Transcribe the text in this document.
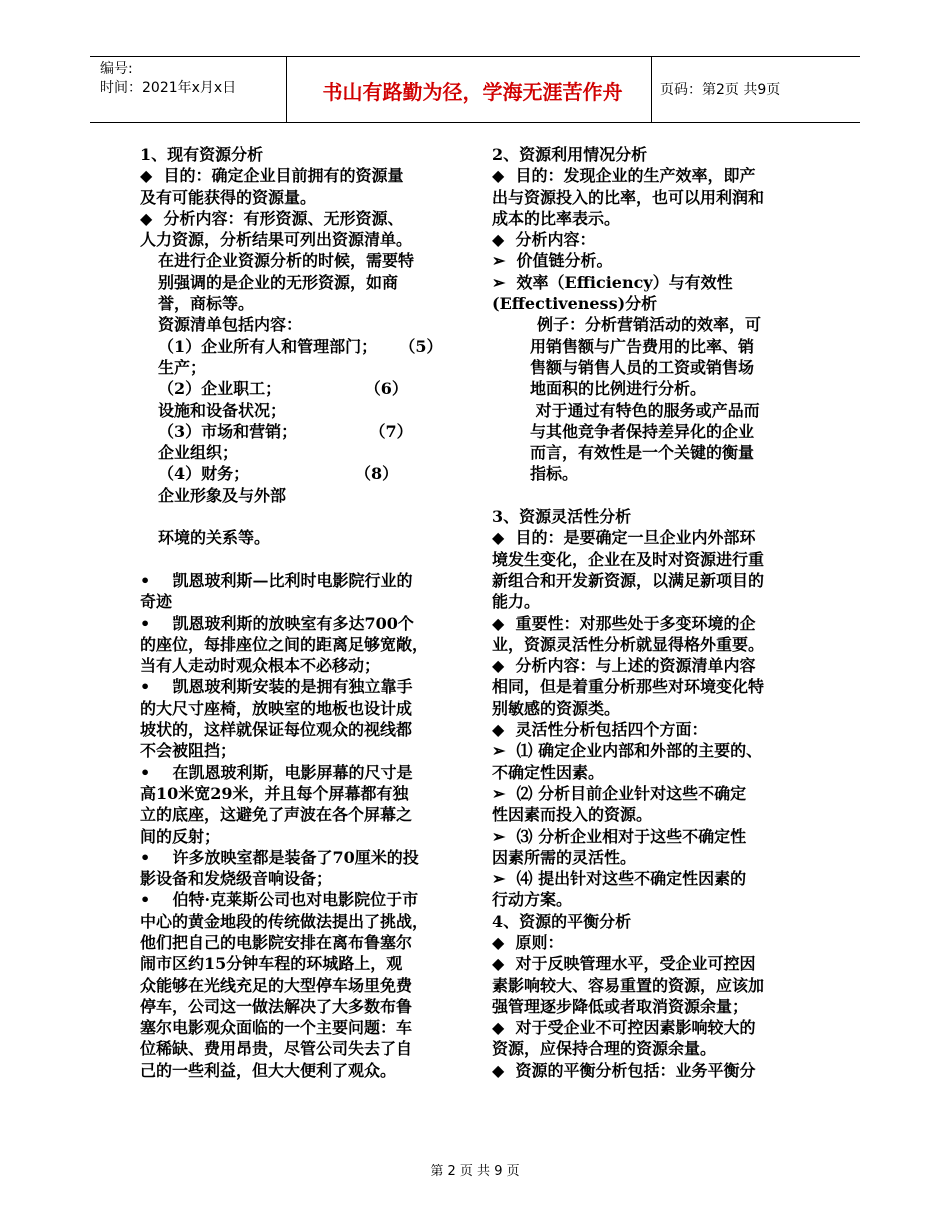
编号:
时间：2021年x月x日	书山有路勤为径，学海无涯苦作舟	页码：第2页 共9页

1、现有资源分析

◆  目的：确定企业目前拥有的资源量

及有可能获得的资源量。

◆  分析内容：有形资源、无形资源、

人力资源，分析结果可列出资源清单。

在进行企业资源分析的时候，需要特

别强调的是企业的无形资源，如商

誉，商标等。

资源清单包括内容：

（1）企业所有人和管理部门；    （5）

生产；

（2）企业职工；               （6）

设施和设备状况；

（3）市场和营销；             （7）

企业组织；

（4）财务；                   （8）

企业形象及与外部

环境的关系等。

•    凯恩玻利斯—比利时电影院行业的

奇迹

•    凯恩玻利斯的放映室有多达700个

的座位，每排座位之间的距离足够宽敞，

当有人走动时观众根本不必移动；

•    凯恩玻利斯安装的是拥有独立靠手

的大尺寸座椅，放映室的地板也设计成

坡状的，这样就保证每位观众的视线都

不会被阻挡；

•    在凯恩玻利斯，电影屏幕的尺寸是

高10米宽29米，并且每个屏幕都有独

立的底座，这避免了声波在各个屏幕之

间的反射；

•    许多放映室都是装备了70厘米的投

影设备和发烧级音响设备；

•    伯特·克莱斯公司也对电影院位于市

中心的黄金地段的传统做法提出了挑战，

他们把自己的电影院安排在离布鲁塞尔

闹市区约15分钟车程的环城路上，观

众能够在光线充足的大型停车场里免费

停车，公司这一做法解决了大多数布鲁

塞尔电影观众面临的一个主要问题：车

位稀缺、费用昂贵，尽管公司失去了自

己的一些利益，但大大便利了观众。

2、资源利用情况分析

◆  目的：发现企业的生产效率，即产

出与资源投入的比率，也可以用利润和

成本的比率表示。

◆  分析内容：

➢  价值链分析。

➢  效率（Efficiency）与有效性

(Effectiveness)分析

例子：分析营销活动的效率，可

用销售额与广告费用的比率、销

售额与销售人员的工资或销售场

地面积的比例进行分析。

对于通过有特色的服务或产品而

与其他竞争者保持差异化的企业

而言，有效性是一个关键的衡量

指标。

3、资源灵活性分析

◆  目的：是要确定一旦企业内外部环

境发生变化，企业在及时对资源进行重

新组合和开发新资源，以满足新项目的

能力。

◆  重要性：对那些处于多变环境的企

业，资源灵活性分析就显得格外重要。

◆  分析内容：与上述的资源清单内容

相同，但是着重分析那些对环境变化特

别敏感的资源类。

◆  灵活性分析包括四个方面：

➢  ⑴ 确定企业内部和外部的主要的、

不确定性因素。

➢  ⑵ 分析目前企业针对这些不确定

性因素而投入的资源。

➢  ⑶ 分析企业相对于这些不确定性

因素所需的灵活性。

➢  ⑷ 提出针对这些不确定性因素的

行动方案。

4、资源的平衡分析

◆  原则：

◆  对于反映管理水平，受企业可控因

素影响较大、容易重置的资源，应该加

强管理逐步降低或者取消资源余量；

◆  对于受企业不可控因素影响较大的

资源，应保持合理的资源余量。

◆  资源的平衡分析包括：业务平衡分

第 2 页 共 9 页
